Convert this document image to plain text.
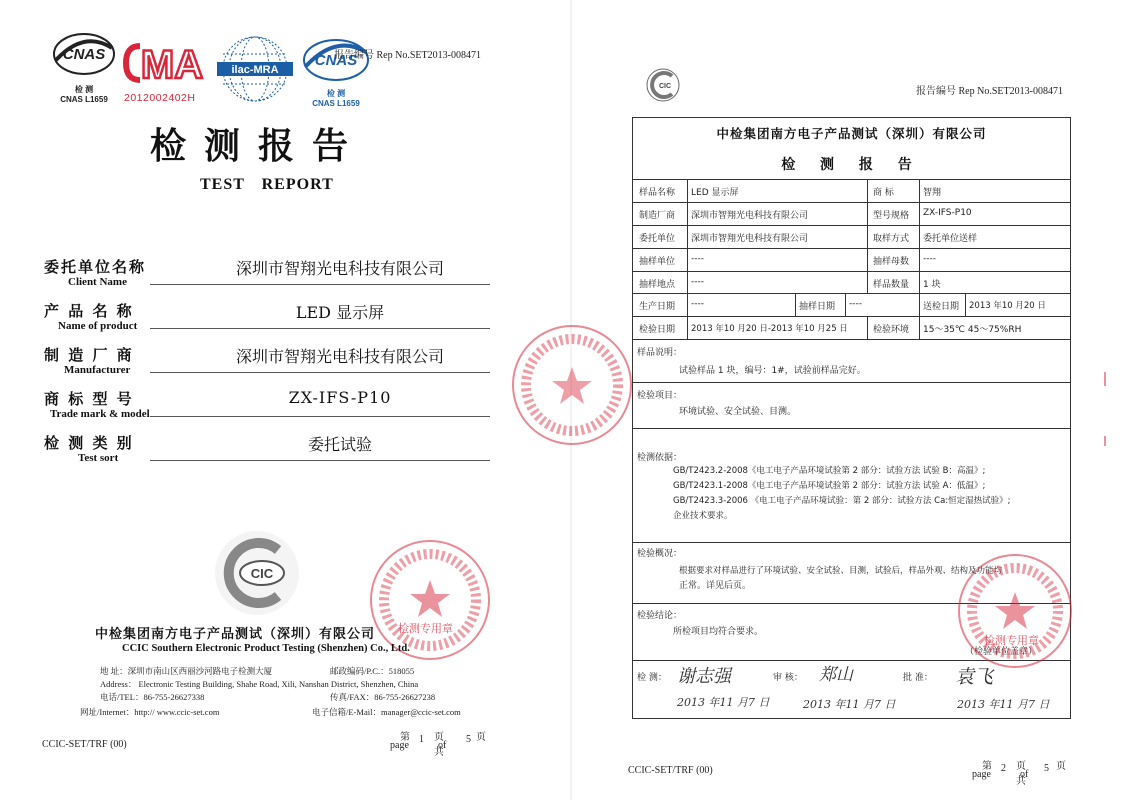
CNAS
检 测
CNAS L1659
MA
2012002402H
ilac-MRA
CNAS
检 测
CNAS L1659
报告编号 Rep No.SET2013-008471
检测报告
TEST REPORT
委托单位名称
Client Name
深圳市智翔光电科技有限公司
产 品 名 称
Name of product
LED 显示屏
制 造 厂 商
Manufacturer
深圳市智翔光电科技有限公司
商 标 型 号
Trade mark & model
ZX-IFS-P10
检 测 类 别
Test sort
委托试验
CIC
检测专用章
中检集团南方电子产品测试（深圳）有限公司
CCIC Southern Electronic Product Testing (Shenzhen) Co., Ltd.
地 址：深圳市南山区西丽沙河路电子检测大厦	邮政编码/P.C.：518055
Address： Electronic Testing Building, Shahe Road, Xili, Nanshan District, Shenzhen, China
电话/TEL：86-755-26627338	传真/FAX：86-755-26627238
网址/Internet：http:// www.ccic-set.com	电子信箱/E-Mail：manager@ccic-set.com
CCIC-SET/TRF (00)
第
page
1 页共
of
5 页
CIC	报告编号 Rep No.SET2013-008471
中检集团南方电子产品测试（深圳）有限公司
检 测 报 告
样品名称 LED 显示屏	商 标	智翔
制造厂商 深圳市智翔光电科技有限公司	型号规格 ZX-IFS-P10
委托单位 深圳市智翔光电科技有限公司	取样方式 委托单位送样
抽样单位 ----	抽样母数 ----
抽样地点 ----	样品数量 1 块
生产日期 ----	抽样日期 ----	送检日期 2013 年10 月20 日
检验日期 2013 年10 月20 日-2013 年10 月25 日	检验环境 15～35℃ 45～75%RH
样品说明：
试验样品 1 块，编号：1#，试验前样品完好。
检验项目：
环境试验、安全试验、目测。
检测依据：
GB/T2423.2-2008《电工电子产品环境试验第 2 部分：试验方法 试验 B：高温》;
GB/T2423.1-2008《电工电子产品环境试验第 2 部分：试验方法 试验 A：低温》;
GB/T2423.3-2006 《电工电子产品环境试验：第 2 部分：试验方法 Ca:恒定湿热试验》;
企业技术要求。
检验概况：
根据要求对样品进行了环境试验、安全试验、目测，试验后，样品外观、结构及功能均
正常。详见后页。
检验结论：
所检项目均符合要求。
（检验单位盖章）
检 测： 谢志强	审 核： 郑山	批 准： 袁飞
2013 年11 月7 日	2013 年11 月7 日	2013 年11 月7 日
检测专用章
CCIC-SET/TRF (00)	第
page
2 页共
of
5 页
